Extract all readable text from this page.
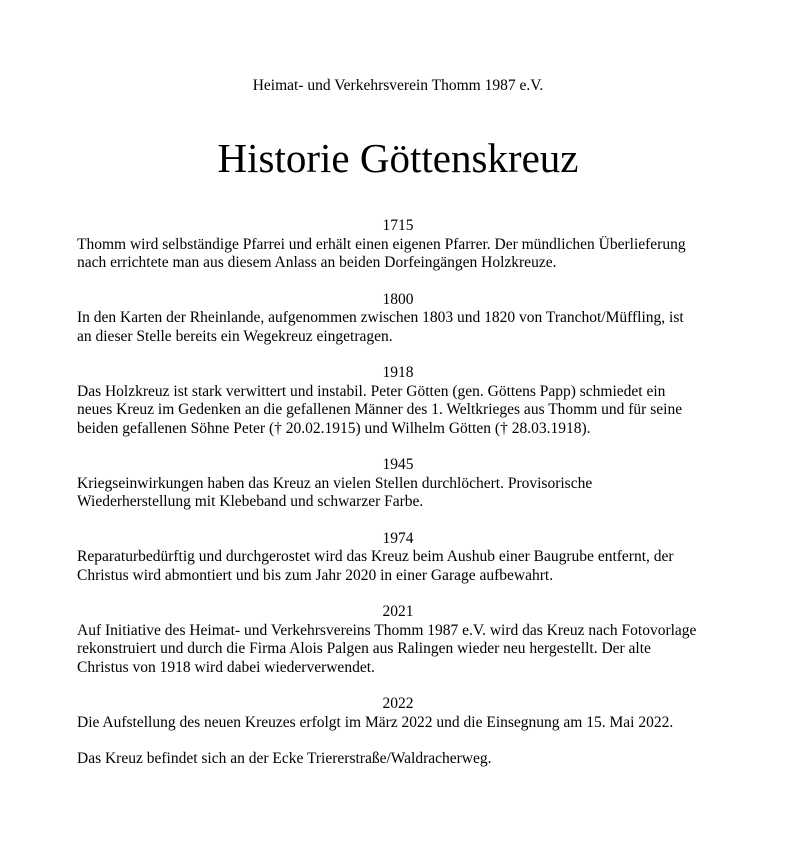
Heimat- und Verkehrsverein Thomm 1987 e.V.
Historie Göttenskreuz
1715
Thomm wird selbständige Pfarrei und erhält einen eigenen Pfarrer. Der mündlichen Überlieferung
nach errichtete man aus diesem Anlass an beiden Dorfeingängen Holzkreuze.
1800
In den Karten der Rheinlande, aufgenommen zwischen 1803 und 1820 von Tranchot/Müffling, ist
an dieser Stelle bereits ein Wegekreuz eingetragen.
1918
Das Holzkreuz ist stark verwittert und instabil. Peter Götten (gen. Göttens Papp) schmiedet ein
neues Kreuz im Gedenken an die gefallenen Männer des 1. Weltkrieges aus Thomm und für seine
beiden gefallenen Söhne Peter († 20.02.1915) und Wilhelm Götten († 28.03.1918).
1945
Kriegseinwirkungen haben das Kreuz an vielen Stellen durchlöchert. Provisorische
Wiederherstellung mit Klebeband und schwarzer Farbe.
1974
Reparaturbedürftig und durchgerostet wird das Kreuz beim Aushub einer Baugrube entfernt, der
Christus wird abmontiert und bis zum Jahr 2020 in einer Garage aufbewahrt.
2021
Auf Initiative des Heimat- und Verkehrsvereins Thomm 1987 e.V. wird das Kreuz nach Fotovorlage
rekonstruiert und durch die Firma Alois Palgen aus Ralingen wieder neu hergestellt. Der alte
Christus von 1918 wird dabei wiederverwendet.
2022
Die Aufstellung des neuen Kreuzes erfolgt im März 2022 und die Einsegnung am 15. Mai 2022.
Das Kreuz befindet sich an der Ecke Triererstraße/Waldracherweg.
